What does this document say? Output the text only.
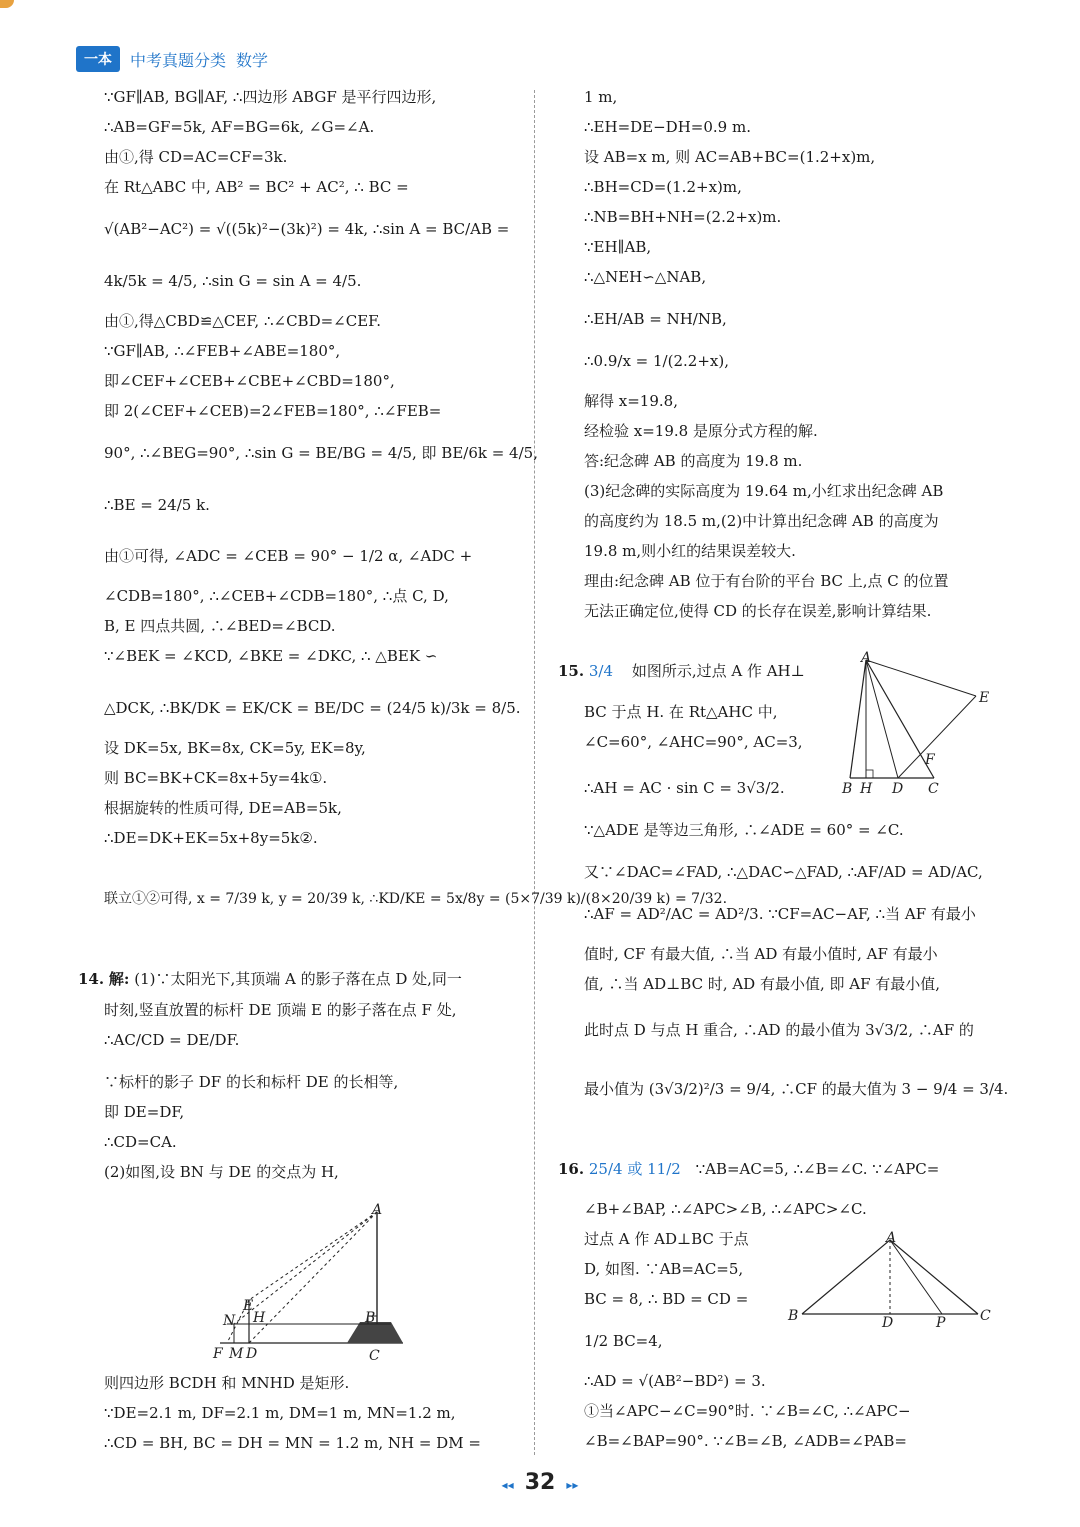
一本	中考真题分类 数学
∵GF∥AB, BG∥AF, ∴四边形 ABGF 是平行四边形,
∴AB=GF=5k, AF=BG=6k, ∠G=∠A.
由①,得 CD=AC=CF=3k.
在 Rt△ABC 中, AB² = BC² + AC², ∴ BC =
√(AB²−AC²) = √((5k)²−(3k)²) = 4k, ∴sin A = BC/AB =
4k/5k = 4/5, ∴sin G = sin A = 4/5.
由①,得△CBD≌△CEF, ∴∠CBD=∠CEF.
∵GF∥AB, ∴∠FEB+∠ABE=180°,
即∠CEF+∠CEB+∠CBE+∠CBD=180°,
即 2(∠CEF+∠CEB)=2∠FEB=180°, ∴∠FEB=
90°, ∴∠BEG=90°, ∴sin G = BE/BG = 4/5, 即 BE/6k = 4/5,
∴BE = 24/5 k.
由①可得, ∠ADC = ∠CEB = 90° − 1/2 α, ∠ADC +
∠CDB=180°, ∴∠CEB+∠CDB=180°, ∴点 C, D,
B, E 四点共圆, ∴∠BED=∠BCD.
∵∠BEK = ∠KCD, ∠BKE = ∠DKC, ∴ △BEK ∽
△DCK, ∴BK/DK = EK/CK = BE/DC = (24/5 k)/3k = 8/5.
设 DK=5x, BK=8x, CK=5y, EK=8y,
则 BC=BK+CK=8x+5y=4k①.
根据旋转的性质可得, DE=AB=5k,
∴DE=DK+EK=5x+8y=5k②.
联立①②可得, x = 7/39 k, y = 20/39 k, ∴KD/KE = 5x/8y = (5×7/39 k)/(8×20/39 k) = 7/32.
14. 解: (1)∵太阳光下,其顶端 A 的影子落在点 D 处,同一
时刻,竖直放置的标杆 DE 顶端 E 的影子落在点 F 处,
∴AC/CD = DE/DF.
∵标杆的影子 DF 的长和标杆 DE 的长相等,
即 DE=DF,
∴CD=CA.
(2)如图,设 BN 与 DE 的交点为 H,
A
E
N H	B
F M D	C
则四边形 BCDH 和 MNHD 是矩形.
∵DE=2.1 m, DF=2.1 m, DM=1 m, MN=1.2 m,
∴CD = BH, BC = DH = MN = 1.2 m, NH = DM =
1 m,
∴EH=DE−DH=0.9 m.
设 AB=x m, 则 AC=AB+BC=(1.2+x)m,
∴BH=CD=(1.2+x)m,
∴NB=BH+NH=(2.2+x)m.
∵EH∥AB,
∴△NEH∽△NAB,
∴EH/AB = NH/NB,
∴0.9/x = 1/(2.2+x),
解得 x=19.8,
经检验 x=19.8 是原分式方程的解.
答:纪念碑 AB 的高度为 19.8 m.
(3)纪念碑的实际高度为 19.64 m,小红求出纪念碑 AB
的高度约为 18.5 m,(2)中计算出纪念碑 AB 的高度为
19.8 m,则小红的结果误差较大.
理由:纪念碑 AB 位于有台阶的平台 BC 上,点 C 的位置
无法正确定位,使得 CD 的长存在误差,影响计算结果.
15. 3/4 如图所示,过点 A 作 AH⊥
BC 于点 H. 在 Rt△AHC 中,
∠C=60°, ∠AHC=90°, AC=3,
∴AH = AC · sin C = 3√3/2.
∵△ADE 是等边三角形, ∴∠ADE = 60° = ∠C.
又∵∠DAC=∠FAD, ∴△DAC∽△FAD, ∴AF/AD = AD/AC,
∴AF = AD²/AC = AD²/3. ∵CF=AC−AF, ∴当 AF 有最小
值时, CF 有最大值, ∴当 AD 有最小值时, AF 有最小
值, ∴当 AD⊥BC 时, AD 有最小值, 即 AF 有最小值,
此时点 D 与点 H 重合, ∴AD 的最小值为 3√3/2, ∴AF 的
最小值为 (3√3/2)²/3 = 9/4, ∴CF 的最大值为 3 − 9/4 = 3/4.
A
E
F
B H D C
16. 25/4 或 11/2 ∵AB=AC=5, ∴∠B=∠C. ∵∠APC=
∠B+∠BAP, ∴∠APC>∠B, ∴∠APC>∠C.
过点 A 作 AD⊥BC 于点
D, 如图. ∵AB=AC=5,
BC = 8, ∴ BD = CD =
1/2 BC=4,
∴AD = √(AB²−BD²) = 3.
①当∠APC−∠C=90°时. ∵∠B=∠C, ∴∠APC−
∠B=∠BAP=90°. ∵∠B=∠B, ∠ADB=∠PAB=
A
B	D	P C
◂◂ 32 ▸▸
